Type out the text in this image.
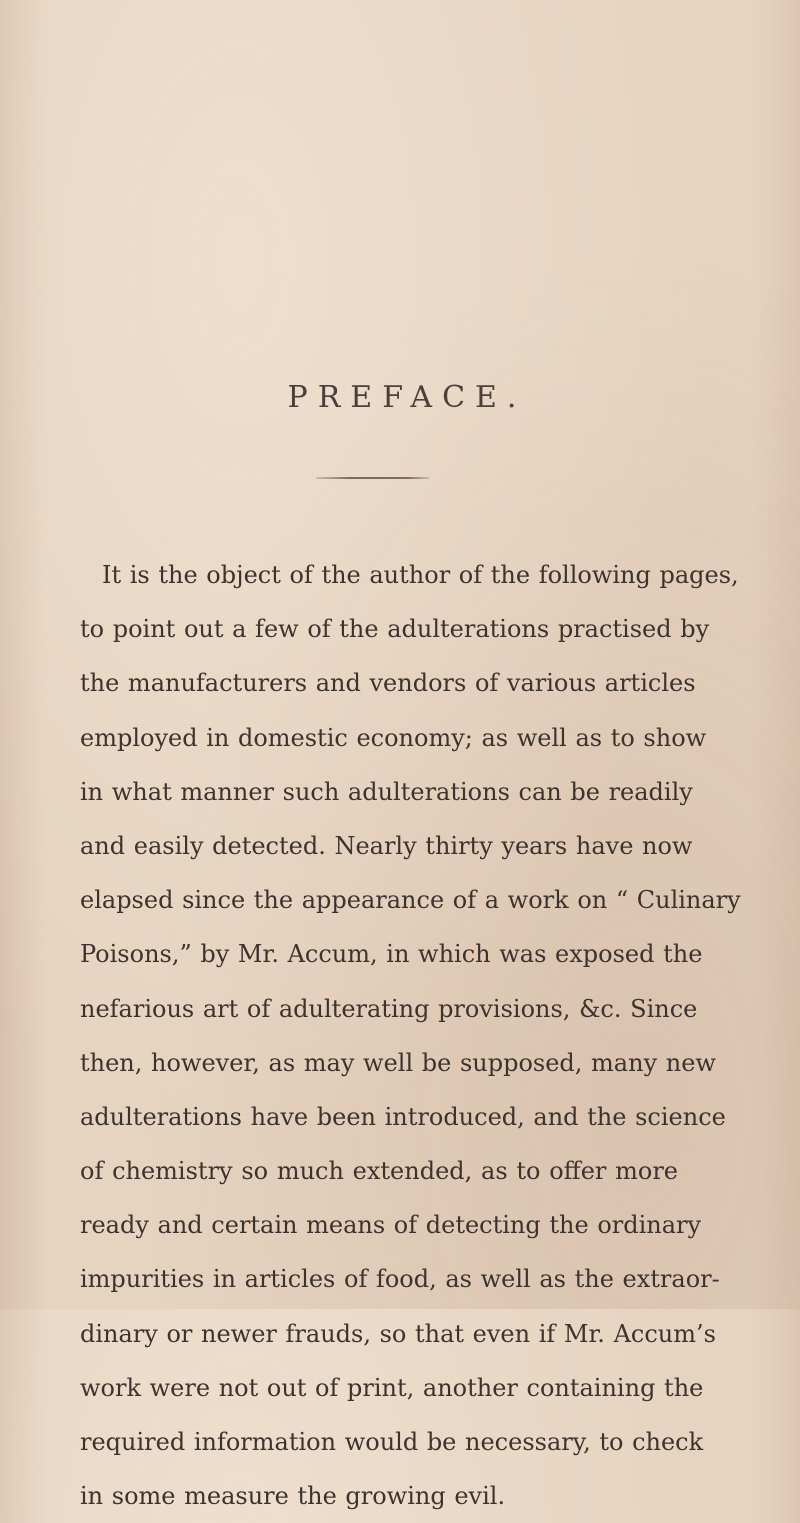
PREFACE.
It is the object of the author of the following pages,
to point out a few of the adulterations practised by
the manufacturers and vendors of various articles
employed in domestic economy; as well as to show
in what manner such adulterations can be readily
and easily detected. Nearly thirty years have now
elapsed since the appearance of a work on “ Culinary
Poisons,” by Mr. Accum, in which was exposed the
nefarious art of adulterating provisions, &c. Since
then, however, as may well be supposed, many new
adulterations have been introduced, and the science
of chemistry so much extended, as to offer more
ready and certain means of detecting the ordinary
impurities in articles of food, as well as the extraor-
dinary or newer frauds, so that even if Mr. Accum’s
work were not out of print, another containing the
required information would be necessary, to check
in some measure the growing evil.
